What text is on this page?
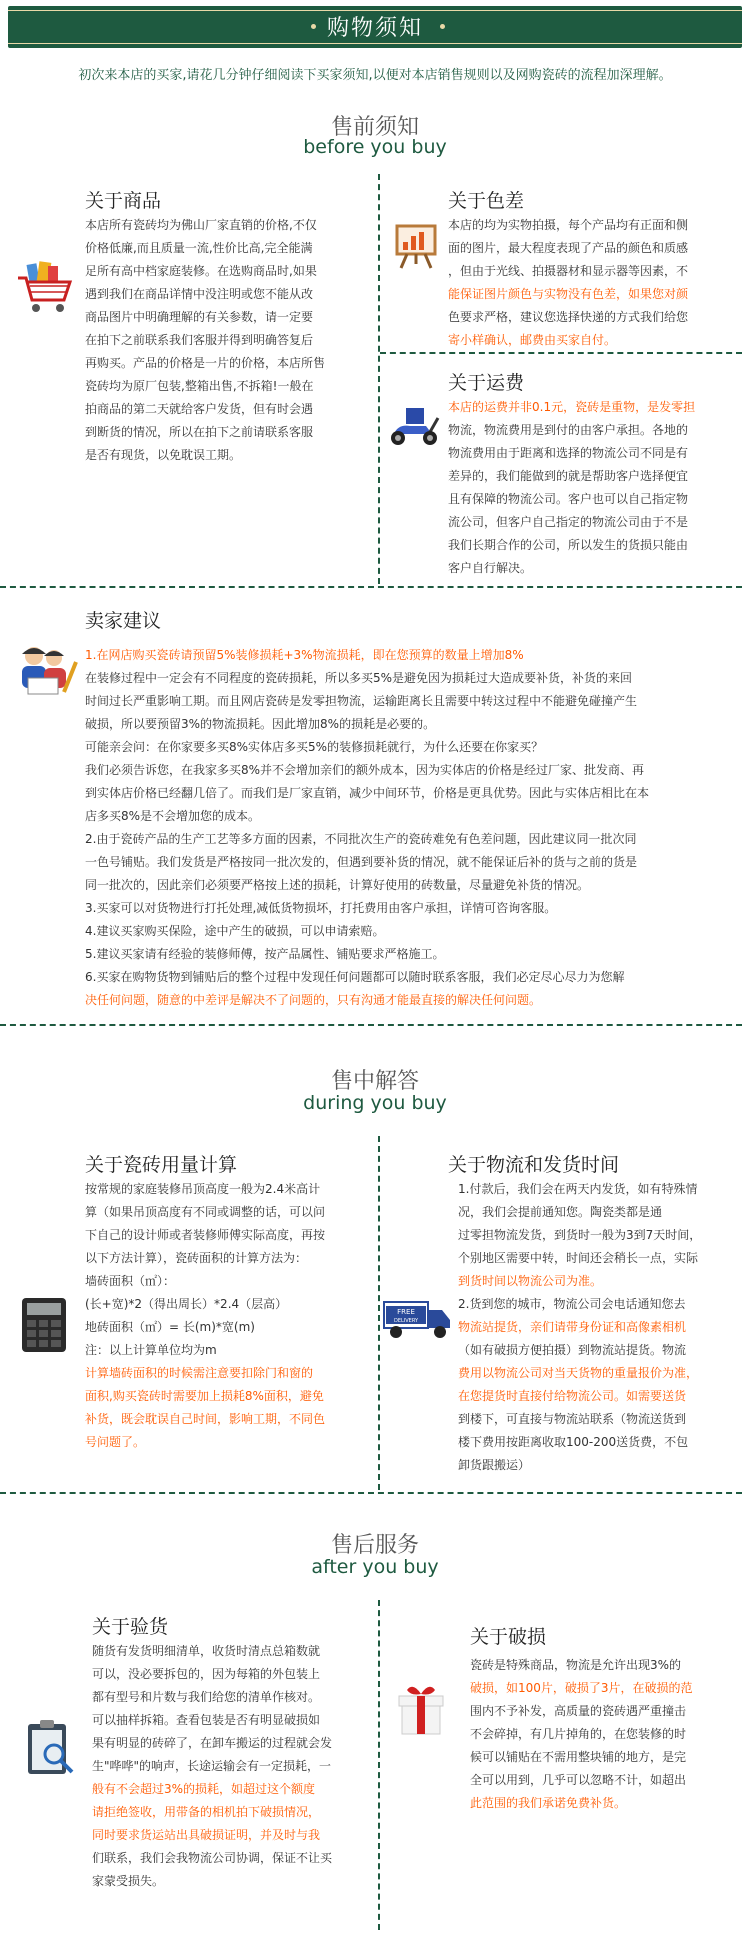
购物须知
初次来本店的买家,请花几分钟仔细阅读下买家须知,以便对本店销售规则以及网购瓷砖的流程加深理解。
售前须知
before you buy
关于商品
本店所有瓷砖均为佛山厂家直销的价格,不仅
价格低廉,而且质量一流,性价比高,完全能满
足所有高中档家庭装修。在选购商品时,如果
遇到我们在商品详情中没注明或您不能从改
商品图片中明确理解的有关参数，请一定要
在拍下之前联系我们客服并得到明确答复后
再购买。产品的价格是一片的价格，本店所售
瓷砖均为原厂包装,整箱出售,不拆箱!一般在
拍商品的第二天就给客户发货，但有时会遇
到断货的情况，所以在拍下之前请联系客服
是否有现货，以免耽误工期。
关于色差
本店的均为实物拍摄，每个产品均有正面和侧
面的图片，最大程度表现了产品的颜色和质感
，但由于光线、拍摄器材和显示器等因素，不
能保证图片颜色与实物没有色差，如果您对颜
色要求严格，建议您选择快递的方式我们给您
寄小样确认，邮费由买家自付。
关于运费
本店的运费并非0.1元，瓷砖是重物，是发零担
物流，物流费用是到付的由客户承担。各地的
物流费用由于距离和选择的物流公司不同是有
差异的，我们能做到的就是帮助客户选择便宜
且有保障的物流公司。客户也可以自己指定物
流公司，但客户自己指定的物流公司由于不是
我们长期合作的公司，所以发生的货损只能由
客户自行解决。
卖家建议
1.在网店购买瓷砖请预留5%装修损耗+3%物流损耗，即在您预算的数量上增加8%
在装修过程中一定会有不同程度的瓷砖损耗，所以多买5%是避免因为损耗过大造成要补货，补货的来回
时间过长严重影响工期。而且网店瓷砖是发零担物流，运输距离长且需要中转这过程中不能避免碰撞产生
破损，所以要预留3%的物流损耗。因此增加8%的损耗是必要的。
可能亲会问：在你家要多买8%实体店多买5%的装修损耗就行，为什么还要在你家买？
我们必须告诉您，在我家多买8%并不会增加亲们的额外成本，因为实体店的价格是经过厂家、批发商、再
到实体店价格已经翻几倍了。而我们是厂家直销，减少中间环节，价格是更具优势。因此与实体店相比在本
店多买8%是不会增加您的成本。
2.由于瓷砖产品的生产工艺等多方面的因素，不同批次生产的瓷砖难免有色差问题，因此建议同一批次同
一色号铺贴。我们发货是严格按同一批次发的，但遇到要补货的情况，就不能保证后补的货与之前的货是
同一批次的，因此亲们必须要严格按上述的损耗，计算好使用的砖数量，尽量避免补货的情况。
3.买家可以对货物进行打托处理,减低货物损坏，打托费用由客户承担，详情可咨询客服。
4.建议买家购买保险，途中产生的破损，可以申请索赔。
5.建议买家请有经验的装修师傅，按产品属性、铺贴要求严格施工。
6.买家在购物货物到铺贴后的整个过程中发现任何问题都可以随时联系客服，我们必定尽心尽力为您解
决任何问题，随意的中差评是解决不了问题的，只有沟通才能最直接的解决任何问题。
售中解答
during you buy
关于瓷砖用量计算
按常规的家庭装修吊顶高度一般为2.4米高计
算（如果吊顶高度有不同或调整的话，可以问
下自己的设计师或者装修师傅实际高度，再按
以下方法计算），瓷砖面积的计算方法为：
墙砖面积（㎡）：
(长+宽)*2（得出周长）*2.4（层高）
地砖面积（㎡）= 长(m)*宽(m)
注：以上计算单位均为m
计算墙砖面积的时候需注意要扣除门和窗的
面积,购买瓷砖时需要加上损耗8%面积，避免
补货，既会耽误自己时间，影响工期，不同色
号问题了。
FREE
DELIVERY
关于物流和发货时间
1.付款后，我们会在两天内发货，如有特殊情
况，我们会提前通知您。陶瓷类都是通
过零担物流发货，到货时一般为3到7天时间，
个别地区需要中转，时间还会稍长一点，实际
到货时间以物流公司为准。
2.货到您的城市，物流公司会电话通知您去
物流站提货，亲们请带身份证和高像素相机
（如有破损方便拍摄）到物流站提货。物流
费用以物流公司对当天货物的重量报价为准，
在您提货时直接付给物流公司。如需要送货
到楼下，可直接与物流站联系（物流送货到
楼下费用按距离收取100-200送货费，不包
卸货跟搬运）
售后服务
after you buy
关于验货
随货有发货明细清单，收货时清点总箱数就
可以，没必要拆包的，因为每箱的外包装上
都有型号和片数与我们给您的清单作核对。
可以抽样拆箱。查看包装是否有明显破损如
果有明显的砖碎了，在卸车搬运的过程就会发
生"哗哗"的响声，长途运输会有一定损耗，一
般有不会超过3%的损耗，如超过这个额度
请拒绝签收，用带备的相机拍下破损情况，
同时要求货运站出具破损证明，并及时与我
们联系，我们会我物流公司协调，保证不让买
家蒙受损失。
关于破损
瓷砖是特殊商品，物流是允许出现3%的
破损，如100片，破损了3片，在破损的范
围内不予补发，高质量的瓷砖遇严重撞击
不会碎掉，有几片掉角的，在您装修的时
候可以铺贴在不需用整块铺的地方，是完
全可以用到，几乎可以忽略不计，如超出
此范围的我们承诺免费补货。
